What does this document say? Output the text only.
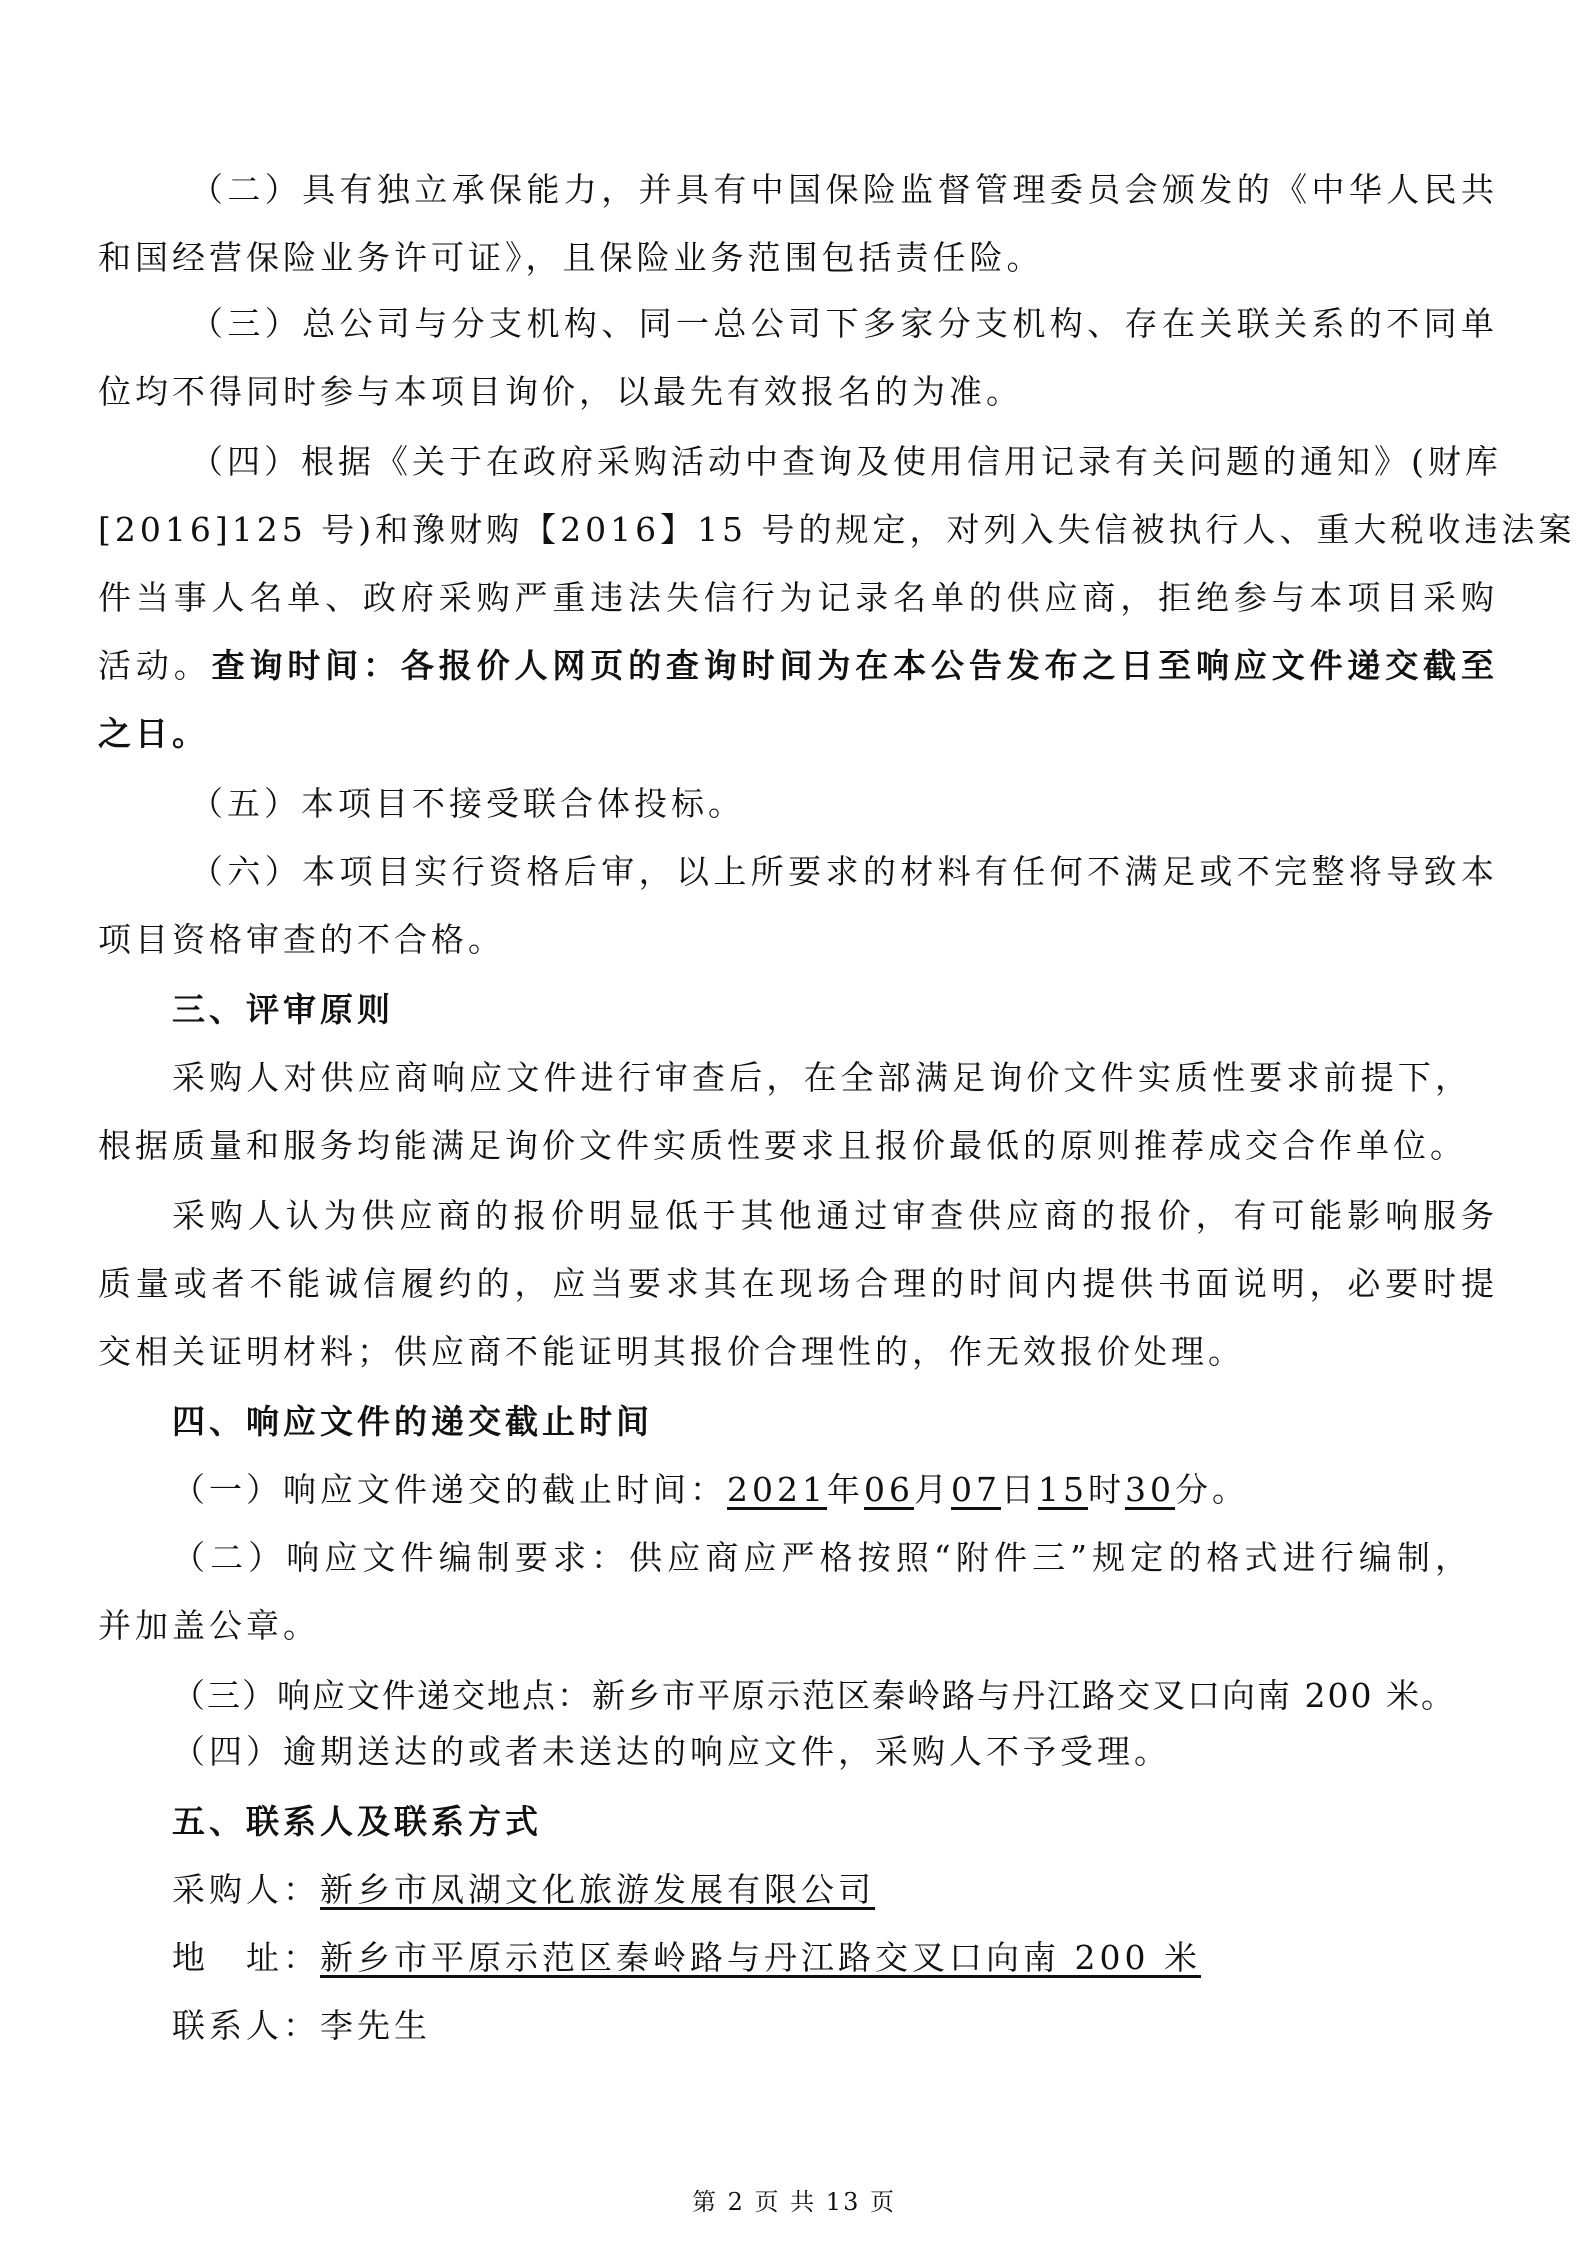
（二）具有独立承保能力，并具有中国保险监督管理委员会颁发的《中华人民共
和国经营保险业务许可证》，且保险业务范围包括责任险。
（三）总公司与分支机构、同一总公司下多家分支机构、存在关联关系的不同单
位均不得同时参与本项目询价，以最先有效报名的为准。
（四）根据《关于在政府采购活动中查询及使用信用记录有关问题的通知》(财库
[2016]125 号)和豫财购【2016】15 号的规定，对列入失信被执行人、重大税收违法案
件当事人名单、政府采购严重违法失信行为记录名单的供应商，拒绝参与本项目采购
活动。查询时间：各报价人网页的查询时间为在本公告发布之日至响应文件递交截至
之日。
（五）本项目不接受联合体投标。
（六）本项目实行资格后审，以上所要求的材料有任何不满足或不完整将导致本
项目资格审查的不合格。
三、评审原则
采购人对供应商响应文件进行审查后，在全部满足询价文件实质性要求前提下，
根据质量和服务均能满足询价文件实质性要求且报价最低的原则推荐成交合作单位。
采购人认为供应商的报价明显低于其他通过审查供应商的报价，有可能影响服务
质量或者不能诚信履约的，应当要求其在现场合理的时间内提供书面说明，必要时提
交相关证明材料；供应商不能证明其报价合理性的，作无效报价处理。
四、响应文件的递交截止时间
（一）响应文件递交的截止时间：2021年06月07日15时30分。
（二）响应文件编制要求：供应商应严格按照“附件三”规定的格式进行编制，
并加盖公章。
（三）响应文件递交地点：新乡市平原示范区秦岭路与丹江路交叉口向南 200 米。
（四）逾期送达的或者未送达的响应文件，采购人不予受理。
五、联系人及联系方式
采购人：新乡市凤湖文化旅游发展有限公司
地　址：新乡市平原示范区秦岭路与丹江路交叉口向南 200 米
联系人：李先生
第 2 页 共 13 页
